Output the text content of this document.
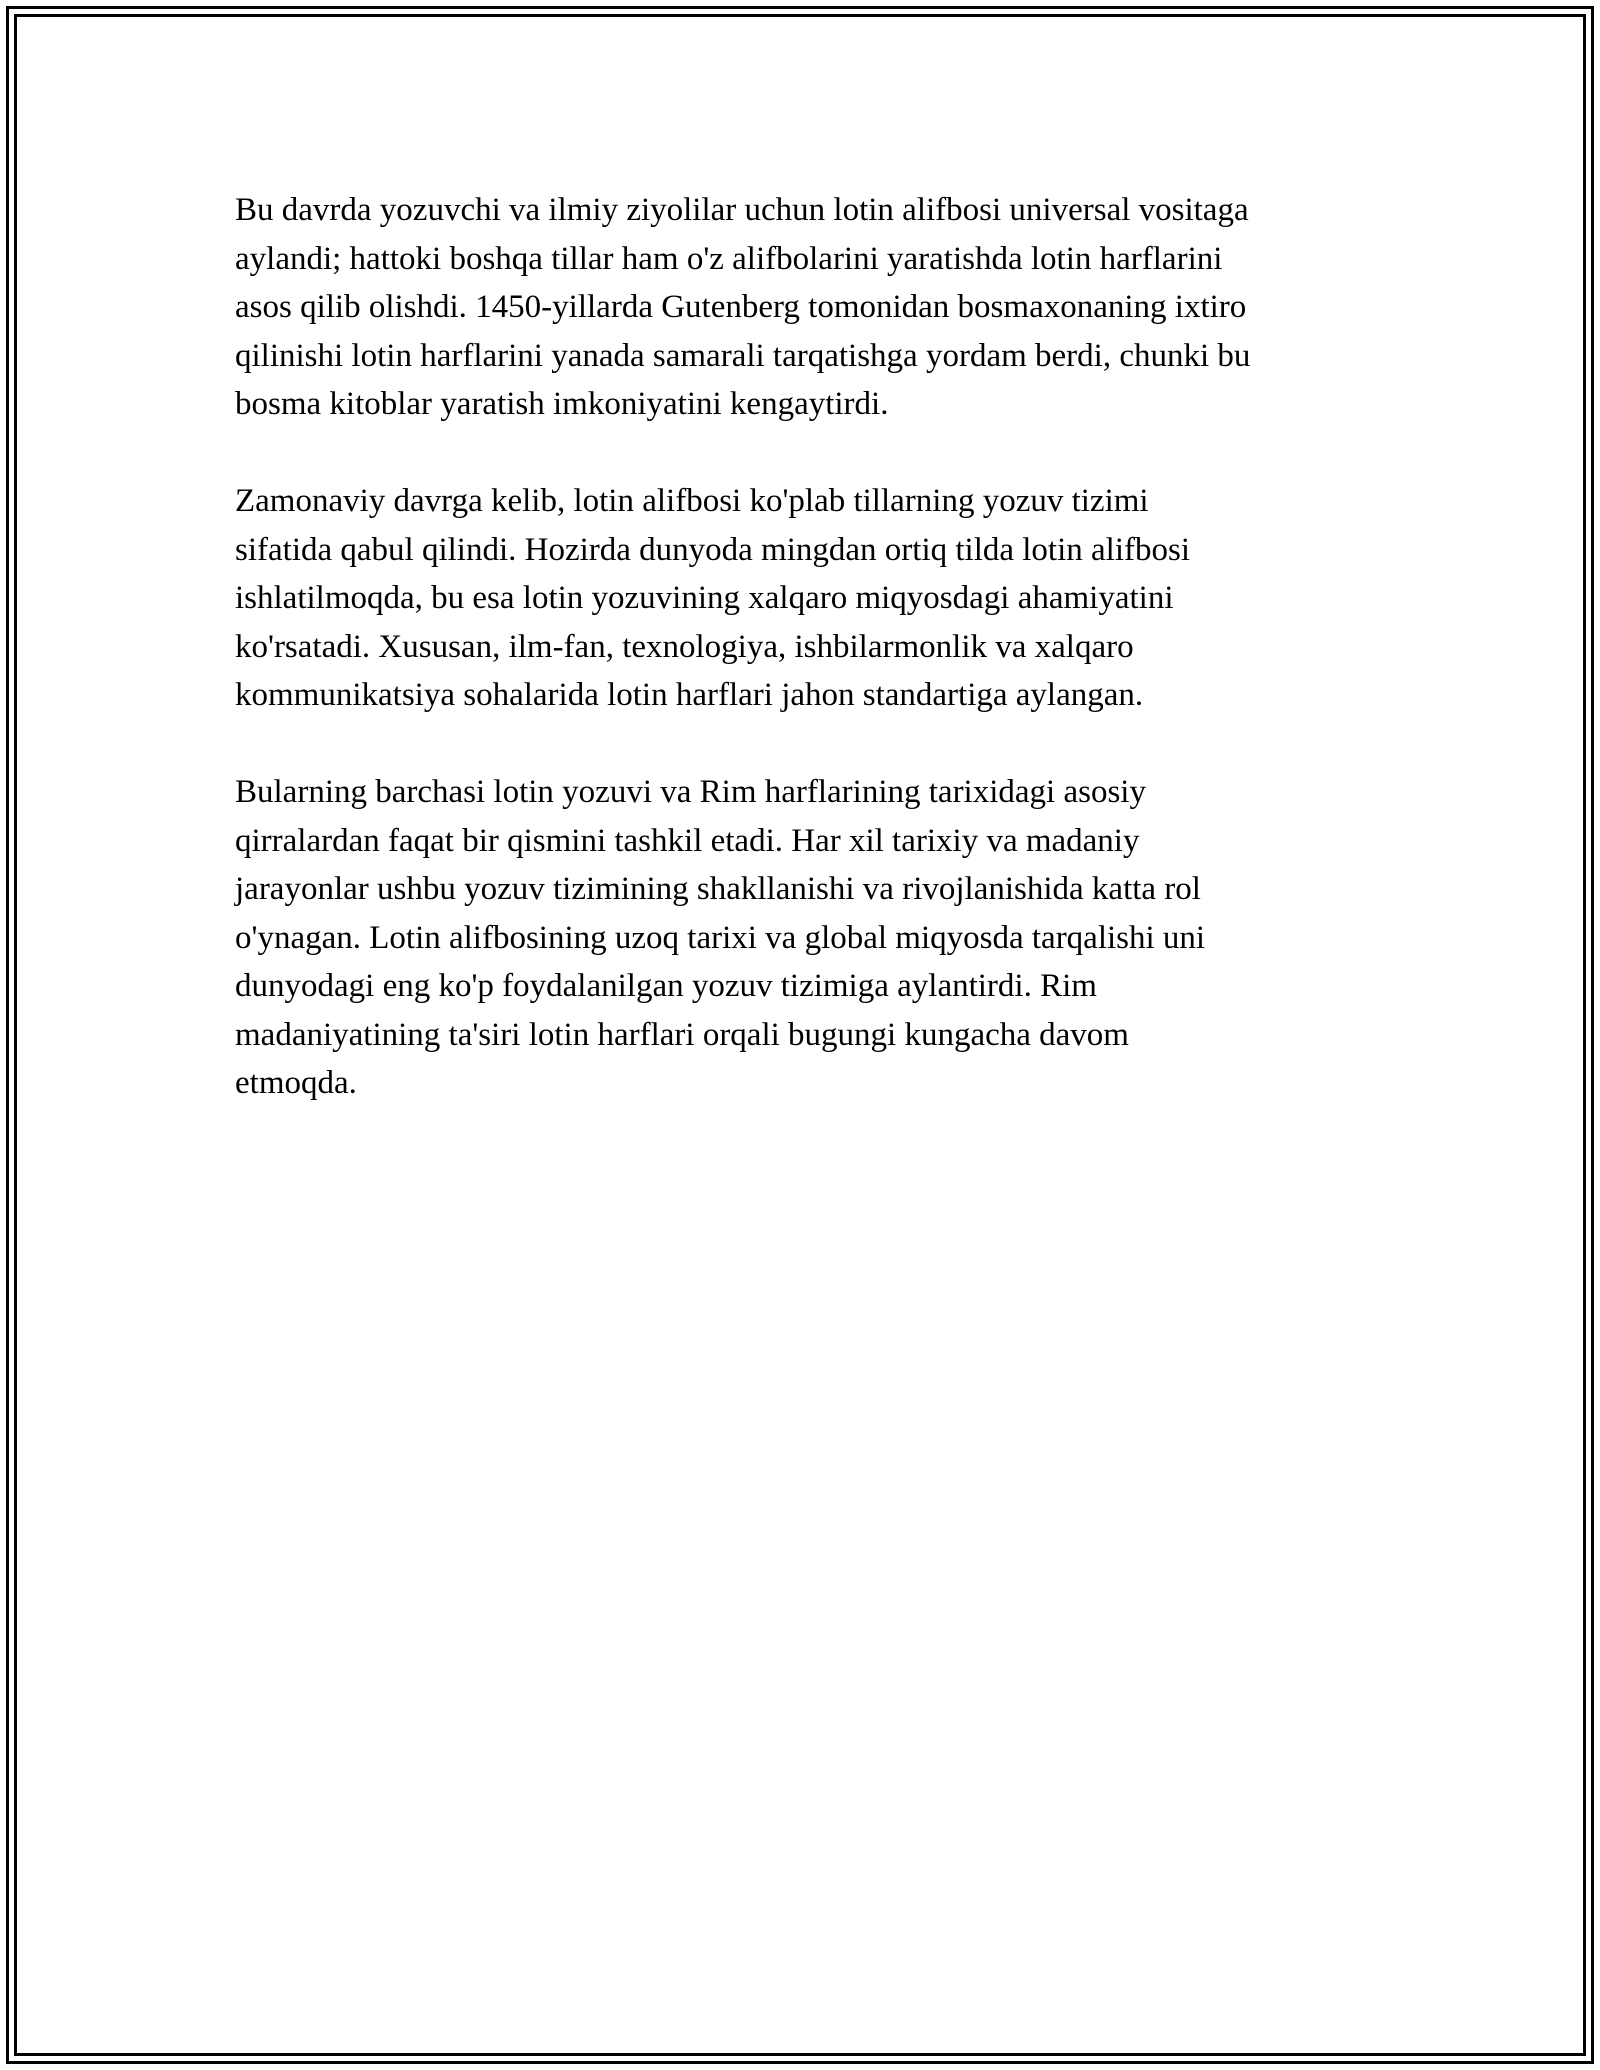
Bu davrda yozuvchi va ilmiy ziyolilar uchun lotin alifbosi universal vositaga
aylandi; hattoki boshqa tillar ham o'z alifbolarini yaratishda lotin harflarini
asos qilib olishdi. 1450-yillarda Gutenberg tomonidan bosmaxonaning ixtiro
qilinishi lotin harflarini yanada samarali tarqatishga yordam berdi, chunki bu
bosma kitoblar yaratish imkoniyatini kengaytirdi.

Zamonaviy davrga kelib, lotin alifbosi ko'plab tillarning yozuv tizimi
sifatida qabul qilindi. Hozirda dunyoda mingdan ortiq tilda lotin alifbosi
ishlatilmoqda, bu esa lotin yozuvining xalqaro miqyosdagi ahamiyatini
ko'rsatadi. Xususan, ilm-fan, texnologiya, ishbilarmonlik va xalqaro
kommunikatsiya sohalarida lotin harflari jahon standartiga aylangan.

Bularning barchasi lotin yozuvi va Rim harflarining tarixidagi asosiy
qirralardan faqat bir qismini tashkil etadi. Har xil tarixiy va madaniy
jarayonlar ushbu yozuv tizimining shakllanishi va rivojlanishida katta rol
o'ynagan. Lotin alifbosining uzoq tarixi va global miqyosda tarqalishi uni
dunyodagi eng ko'p foydalanilgan yozuv tizimiga aylantirdi. Rim
madaniyatining ta'siri lotin harflari orqali bugungi kungacha davom
etmoqda.
